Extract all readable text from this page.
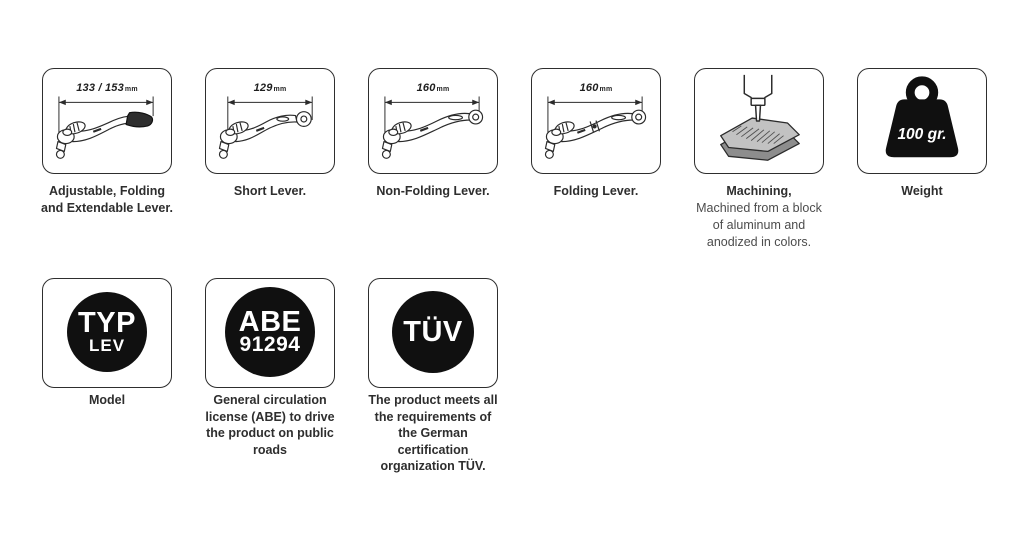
133 / 153mm
Adjustable, Folding
and Extendable Lever.
129mm
Short Lever.
160mm
Non-Folding Lever.
160mm
Folding Lever.	Machining,
Machined from a block
of aluminum and
anodized in colors.
100 gr.
Weight
TYP
LEV
Model
ABE
91294
General circulation
license (ABE) to drive
the product on public
roads
TÜV
The product meets all
the requirements of
the German
certification
organization TÜV.
